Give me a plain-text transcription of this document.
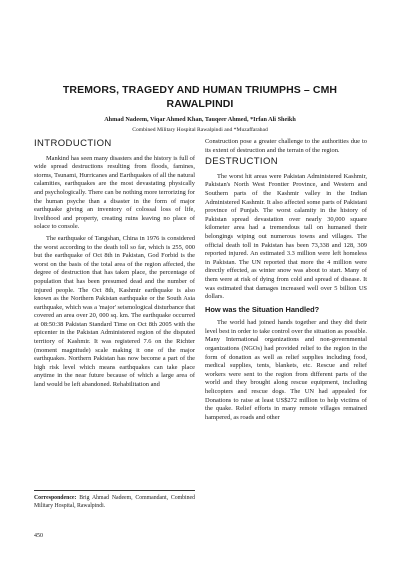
TREMORS, TRAGEDY AND HUMAN TRIUMPHS – CMH
RAWALPINDI
Ahmad Nadeem, Viqar Ahmed Khan, Tauqeer Ahmed, *Irfan Ali Sheikh
Combined Military Hospital Rawalpindi and *Muzaffarabad
INTRODUCTION

Mankind has seen many disasters and the history is full of wide spread destructions resulting from floods, famines, storms, Tsunami, Hurricanes and Earthquakes of all the natural calamities, earthquakes are the most devastating physically and psychologically. There can be nothing more terrorizing for the human psyche than a disaster in the form of major earthquake giving an inventory of colossal loss of life, livelihood and property, creating ruins leaving no place of solace to console.

The earthquake of Tangshan, China in 1976 is considered the worst according to the death toll so far, which is 255, 000 but the earthquake of Oct 8th in Pakistan, God Forbid is the worst on the basis of the total area of the region affected, the degree of destruction that has taken place, the percentage of population that has been presumed dead and the number of injured people. The Oct 8th, Kashmir earthquake is also known as the Northern Pakistan earthquake or the South Asia earthquake, which was a 'major' seismological disturbance that covered an area over 20, 000 sq. km. The earthquake occurred at 08:50:38 Pakistan Standard Time on Oct 8th 2005 with the epicenter in the Pakistan Administered region of the disputed territory of Kashmir. It was registered 7.6 on the Richter (moment magnitude) scale making it one of the major earthquakes. Northern Pakistan has now become a part of the high risk level which means earthquakes can take place anytime in the near future because of which a large area of land would be left abandoned. Rehabilitation and

Correspondence: Brig Ahmad Nadeem, Commandant, Combined Military Hospital, Rawalpindi.

Construction pose a greater challenge to the authorities due to its extent of destruction and the terrain of the region.

DESTRUCTION

The worst hit areas were Pakistan Administered Kashmir, Pakistan's North West Frontier Province, and Western and Southern parts of the Kashmir valley in the Indian Administered Kashmir. It also affected some parts of Pakistani province of Punjab. The worst calamity in the history of Pakistan spread devastation over nearly 30,000 square kilometer area had a tremendous tall on humaned their belongings wiping out numerous towns and villages. The official death toll in Pakistan has been 73,338 and 128, 309 reported injured. An estimated 3.3 million were left homeless in Pakistan. The UN reported that more the 4 million were directly effected, as winter snow was about to start. Many of them were at risk of dying from cold and spread of disease. It was estimated that damages increased well over 5 billion US dollars.

How was the Situation Handled?

The world had joined hands together and they did their level best in order to take control over the situation as possible. Many International organizations and non-governmental organizations (NGOs) had provided relief to the region in the form of donation as well as relief supplies including food, medical supplies, tents, blankets, etc. Rescue and relief workers were sent to the region from different parts of the world and they brought along rescue equipment, including helicopters and rescue dogs. The UN had appealed for Donations to raise at least US$272 million to help victims of the quake. Relief efforts in many remote villages remained hampered, as roads and other

450
